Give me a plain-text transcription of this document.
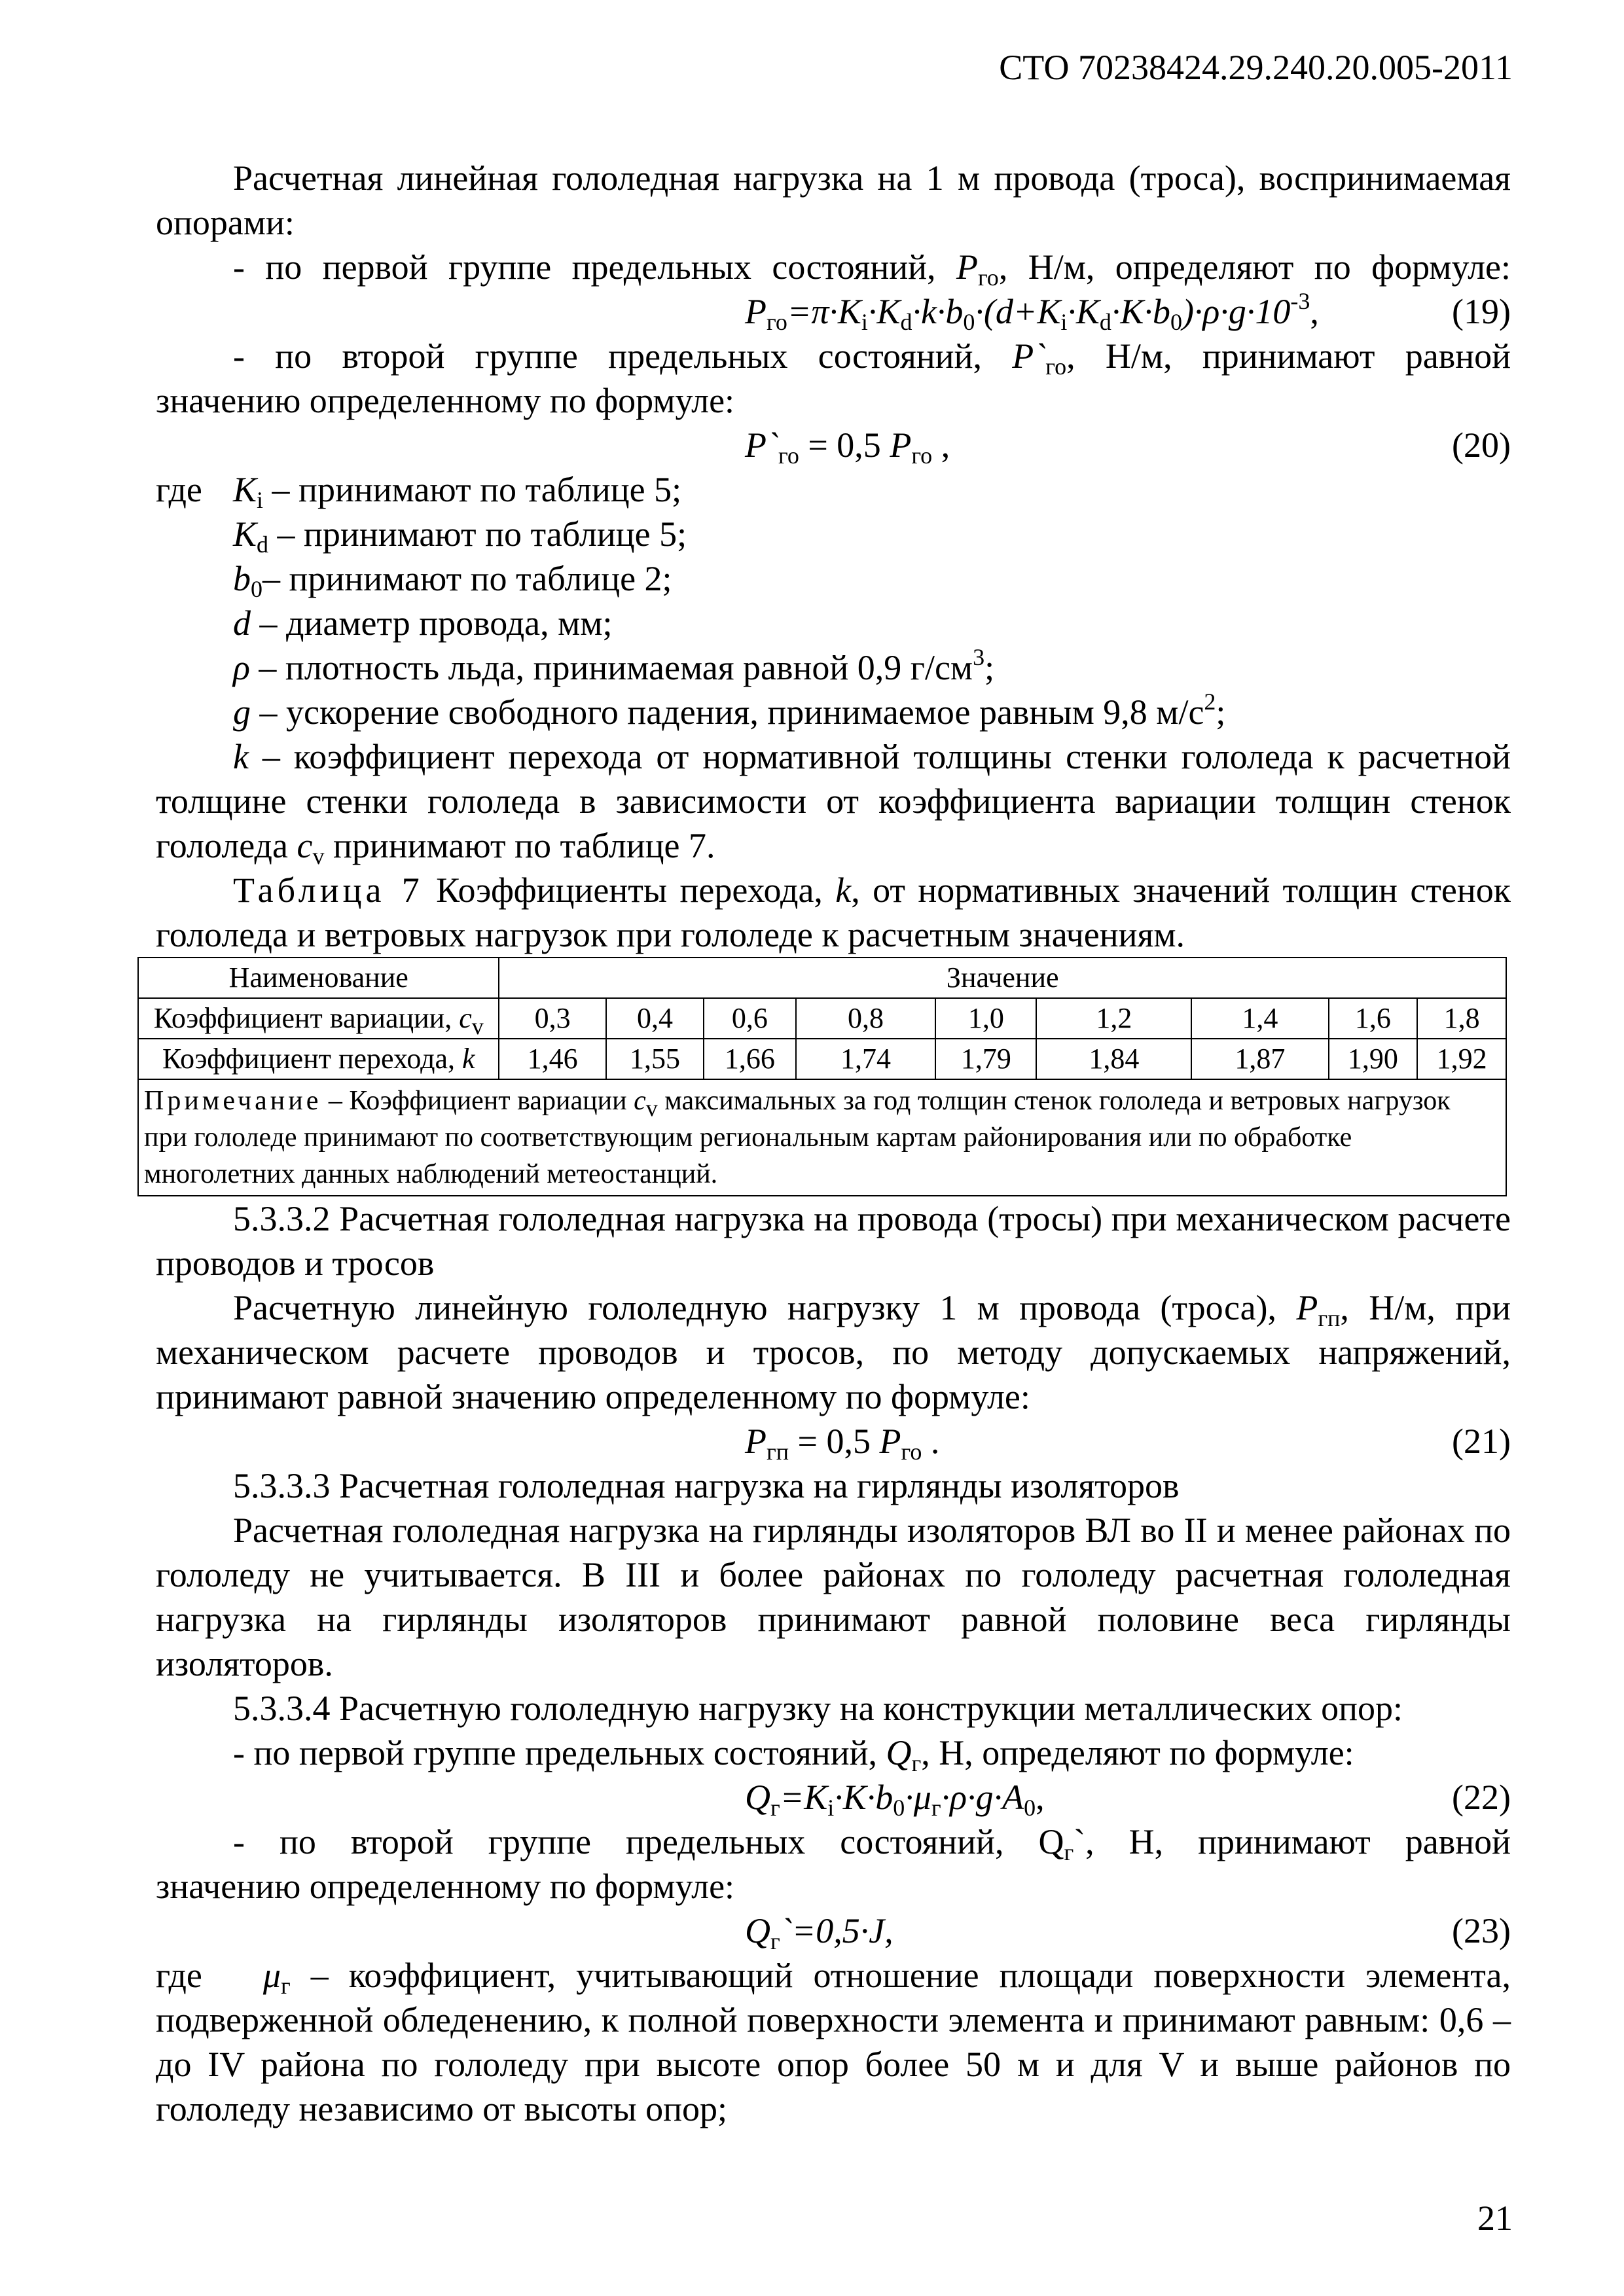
СТО 70238424.29.240.20.005-2011

Расчетная линейная гололедная нагрузка на 1 м провода (троса), воспринимаемая опорами:

- по первой группе предельных состояний, $P_{го}$, Н/м, определяют по формуле:

$P_{го}=\pi\cdot K_i\cdot K_d\cdot k\cdot b_0\cdot(d+K_i\cdot K_d\cdot K\cdot b_0)\cdot\rho\cdot g\cdot 10^{-3}$,	(19)

- по второй группе предельных состояний, $P`_{го}$, Н/м, принимают равной

значению определенному по формуле:

$P`_{го} = 0,5$ $P_{го}$ ,	(20)
где $K_i$ – принимают по таблице 5;

$K_d$ – принимают по таблице 5;

$b_0-$ принимают по таблице 2;

d – диаметр провода, мм;

ρ – плотность льда, принимаемая равной 0,9 $г/см^3$;

g – ускорение свободного падения, принимаемое равным 9,8 $м/с^2$;

k – коэффициент перехода от нормативной толщины стенки гололеда к расчетной толщине стенки гололеда в зависимости от коэффициента вариации толщин стенок гололеда $c_v$ принимают по таблице 7.

Таблица 7 Коэффициенты перехода, k, от нормативных значений толщин стенок гололеда и ветровых нагрузок при гололеде к расчетным значениям.

Наименование	Значение								
Коэффициент вариации, $c_v$	0,3	0,4	0,6	0,8	1,0	1,2	1,4	1,6	1,8
Коэффициент перехода, k	1,46	1,55	1,66	1,74	1,79	1,84	1,87	1,90	1,92
Примечание – Коэффициент вариации $c_v$ максимальных за год толщин стенок гололеда и ветровых нагрузок при гололеде принимают по соответствующим региональным картам районирования или по обработке многолетних данных наблюдений метеостанций.									

5.3.3.2 Расчетная гололедная нагрузка на провода (тросы) при механическом расчете проводов и тросов

Расчетную линейную гололедную нагрузку 1 м провода (троса), $P_{гп}$, Н/м, при механическом расчете проводов и тросов, по методу допускаемых напряжений, принимают равной значению определенному по формуле:

$P_{гп} = 0,5$ $P_{го}$ .	(21)

5.3.3.3 Расчетная гололедная нагрузка на гирлянды изоляторов

Расчетная гололедная нагрузка на гирлянды изоляторов ВЛ во II и менее районах по гололеду не учитывается. В III и более районах по гололеду расчетная гололедная нагрузка на гирлянды изоляторов принимают равной половине веса гирлянды изоляторов.

5.3.3.4 Расчетную гололедную нагрузку на конструкции металлических опор:

- по первой группе предельных состояний, $Q_г$, Н, определяют по формуле:

$Q_г=K_i\cdot K\cdot b_0\cdot\mu_г\cdot\rho\cdot g\cdot A_0$,	(22)

- по второй группе предельных состояний, $Q_г`$, Н, принимают равной

значению определенному по формуле:

$Q_г`=0,5\cdot J$,	(23)

где $\mu_г$ – коэффициент, учитывающий отношение площади поверхности элемента, подверженной обледенению, к полной поверхности элемента и принимают равным: 0,6 – до IV района по гололеду при высоте опор более 50 м и для V и выше районов по гололеду независимо от высоты опор;

21
